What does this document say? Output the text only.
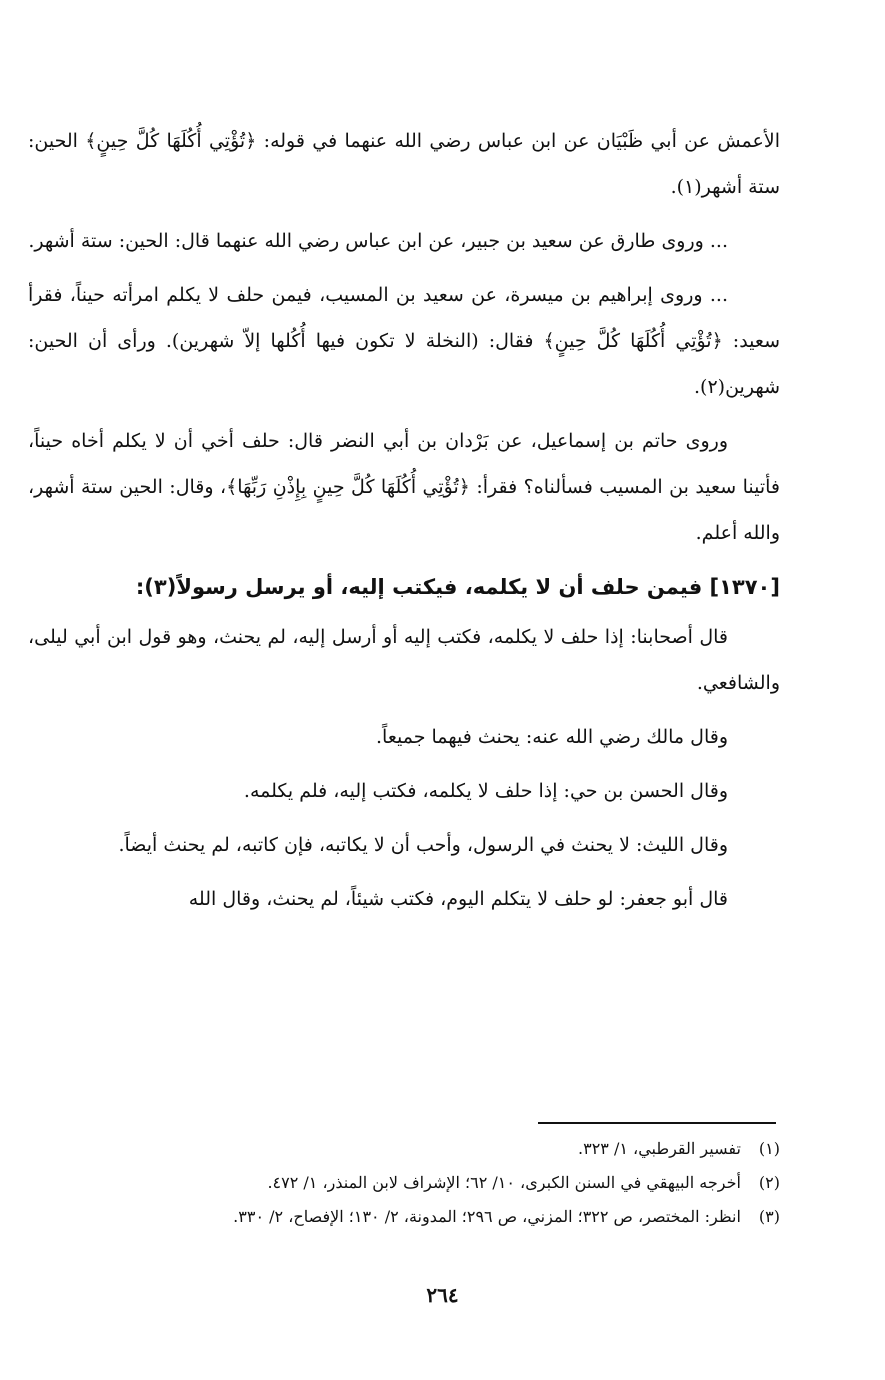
الأعمش عن أبي ظَبْيَان عن ابن عباس رضي الله عنهما في قوله: ﴿تُؤْتِي أُكُلَهَا كُلَّ حِينٍ﴾ الحين: ستة أشهر(١).

... وروى طارق عن سعيد بن جبير، عن ابن عباس رضي الله عنهما قال: الحين: ستة أشهر.

... وروى إبراهيم بن ميسرة، عن سعيد بن المسيب، فيمن حلف لا يكلم امرأته حيناً، فقرأ سعيد: ﴿تُؤْتِي أُكُلَهَا كُلَّ حِينٍ﴾ فقال: (النخلة لا تكون فيها أُكُلها إلاّ شهرين). ورأى أن الحين: شهرين(٢).

وروى حاتم بن إسماعيل، عن بَرْدان بن أبي النضر قال: حلف أخي أن لا يكلم أخاه حيناً، فأتينا سعيد بن المسيب فسألناه؟ فقرأ: ﴿تُؤْتِي أُكُلَهَا كُلَّ حِينٍ بِإِذْنِ رَبِّهَا﴾، وقال: الحين ستة أشهر، والله أعلم.

[١٣٧٠] فيمن حلف أن لا يكلمه، فيكتب إليه، أو يرسل رسولاً(٣):

قال أصحابنا: إذا حلف لا يكلمه، فكتب إليه أو أرسل إليه، لم يحنث، وهو قول ابن أبي ليلى، والشافعي.

وقال مالك رضي الله عنه: يحنث فيهما جميعاً.

وقال الحسن بن حي: إذا حلف لا يكلمه، فكتب إليه، فلم يكلمه.

وقال الليث: لا يحنث في الرسول، وأحب أن لا يكاتبه، فإن كاتبه، لم يحنث أيضاً.

قال أبو جعفر: لو حلف لا يتكلم اليوم، فكتب شيئاً، لم يحنث، وقال الله

(١) تفسير القرطبي، ١/ ٣٢٣.

(٢) أخرجه البيهقي في السنن الكبرى، ١٠/ ٦٢؛ الإشراف لابن المنذر، ١/ ٤٧٢.

(٣) انظر: المختصر، ص ٣٢٢؛ المزني، ص ٢٩٦؛ المدونة، ٢/ ١٣٠؛ الإفصاح، ٢/ ٣٣٠.

٢٦٤
